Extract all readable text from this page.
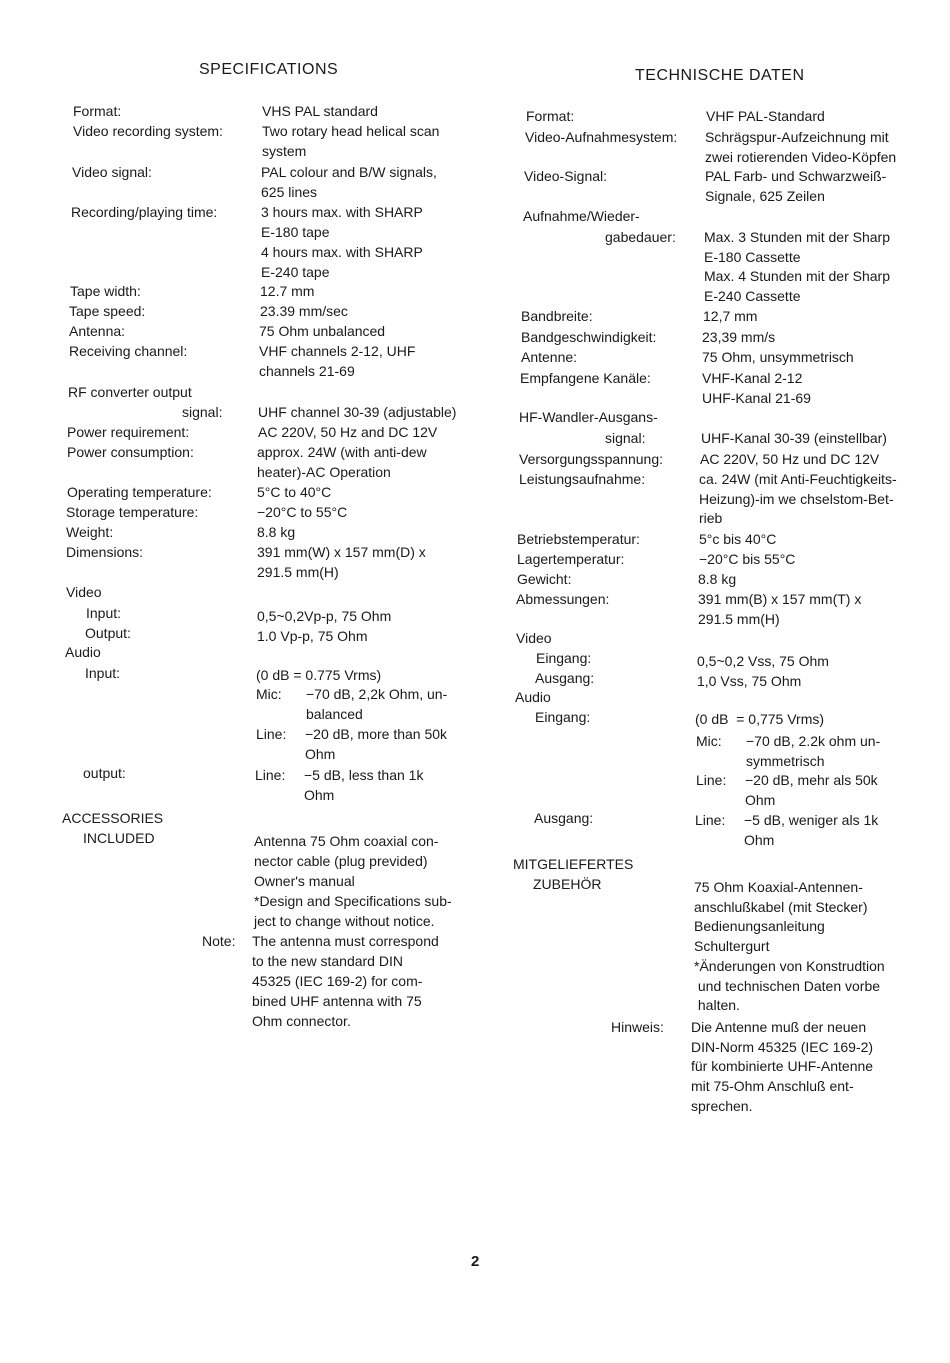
SPECIFICATIONS
Format:	VHS PAL standard
Video recording system:	Two rotary head helical scan
system
Video signal:	PAL colour and B/W signals,
625 lines
Recording/playing time:	3 hours max. with SHARP
E-180 tape
4 hours max. with SHARP
E-240 tape
Tape width:	12.7 mm
Tape speed:	23.39 mm/sec
Antenna:	75 Ohm unbalanced
Receiving channel:	VHF channels 2-12, UHF
channels 21-69
RF converter output
signal:	UHF channel 30-39 (adjustable)
Power requirement:	AC 220V, 50 Hz and DC 12V
Power consumption:	approx. 24W (with anti-dew
heater)-AC Operation
Operating temperature:	5°C to 40°C
Storage temperature:	−20°C to 55°C
Weight:	8.8 kg
Dimensions:	391 mm(W) x 157 mm(D) x
291.5 mm(H)
Video
Input:	0,5~0,2Vp-p, 75 Ohm
Output:	1.0 Vp-p, 75 Ohm
Audio
Input:	(0 dB = 0.775 Vrms)
Mic: −70 dB, 2,2k Ohm, un-
balanced
Line: −20 dB, more than 50k
Ohm
output:	Line: −5 dB, less than 1k
Ohm
ACCESSORIES
INCLUDED	Antenna 75 Ohm coaxial con-
nector cable (plug previded)
Owner's manual
*Design and Specifications sub-
ject to change without notice.
Note: The antenna must correspond
to the new standard DIN
45325 (IEC 169-2) for com-
bined UHF antenna with 75
Ohm connector.
TECHNISCHE DATEN
Format:	VHF PAL-Standard
Video-Aufnahmesystem: Schrägspur-Aufzeichnung mit
zwei rotierenden Video-Köpfen
Video-Signal:	PAL Farb- und Schwarzweiß-
Signale, 625 Zeilen
Aufnahme/Wieder-
gabedauer: Max. 3 Stunden mit der Sharp
E-180 Cassette
Max. 4 Stunden mit der Sharp
E-240 Cassette
Bandbreite:	12,7 mm
Bandgeschwindigkeit:	23,39 mm/s
Antenne:	75 Ohm, unsymmetrisch
Empfangene Kanäle:	VHF-Kanal 2-12
UHF-Kanal 21-69
HF-Wandler-Ausgans-
signal:	UHF-Kanal 30-39 (einstellbar)
Versorgungsspannung:	AC 220V, 50 Hz und DC 12V
Leistungsaufnahme:	ca. 24W (mit Anti-Feuchtigkeits-
Heizung)-im we chselstom-Bet-
rieb
Betriebstemperatur:	5°c bis 40°C
Lagertemperatur:	−20°C bis 55°C
Gewicht:	8.8 kg
Abmessungen:	391 mm(B) x 157 mm(T) x
291.5 mm(H)
Video
Eingang:	0,5~0,2 Vss, 75 Ohm
Ausgang:	1,0 Vss, 75 Ohm
Audio
Eingang:	(0 dB  = 0,775 Vrms)
Mic: −70 dB, 2.2k ohm un-
symmetrisch
Line: −20 dB, mehr als 50k
Ohm
Ausgang:	Line: −5 dB, weniger als 1k
Ohm
MITGELIEFERTES
ZUBEHÖR	75 Ohm Koaxial-Antennen-
anschlußkabel (mit Stecker)
Bedienungsanleitung
Schultergurt
*Änderungen von Konstrudtion
und technischen Daten vorbe
halten.
Hinweis: Die Antenne muß der neuen
DIN-Norm 45325 (IEC 169-2)
für kombinierte UHF-Antenne
mit 75-Ohm Anschluß ent-
sprechen.
2
